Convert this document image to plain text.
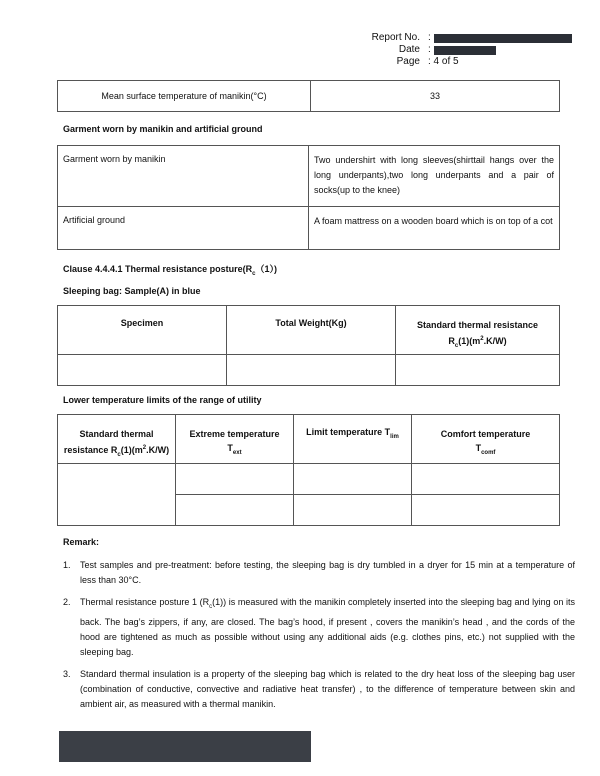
Report No. :
Date :
Page : 4 of 5
Mean surface temperature of manikin(°C)	33
Garment worn by manikin and artificial ground
Garment worn by manikin	Two undershirt with long sleeves(shirttail hangs over the long underpants),two long underpants and a pair of socks(up to the knee)
Artificial ground	A foam mattress on a wooden board which is on top of a cot
Clause 4.4.4.1 Thermal resistance $posture(R_c(1))$
Sleeping bag: Sample(A) in blue
Specimen	Total Weight(Kg)	Standard thermal resistance
$R_c(1)(m^2.K/W)$

Lower temperature limits of the range of utility
Standard thermal
resistance $R_c(1)(m^2.K/W)$	Extreme temperature
$T_{ext}$	Limit temperature $T_{lim}$	Comfort temperature
$T_{comf}$

Remark:
1.	Test samples and pre-treatment: before testing, the sleeping bag is dry tumbled in a dryer for 15 min at a temperature of less than 30°C.
2.	Thermal resistance posture 1 $(R_c(1))$ is measured with the manikin completely inserted into the sleeping bag and lying on its back. The bag’s zippers, if any, are closed. The bag’s hood, if present , covers the manikin’s head , and the cords of the hood are tightened as much as possible without using any additional aids (e.g. clothes pins, etc.) not supplied with the sleeping bag.
3.	Standard thermal insulation is a property of the sleeping bag which is related to the dry heat loss of the sleeping bag user (combination of conductive, convective and radiative heat transfer) , to the difference of temperature between skin and ambient air, as measured with a thermal manikin.
